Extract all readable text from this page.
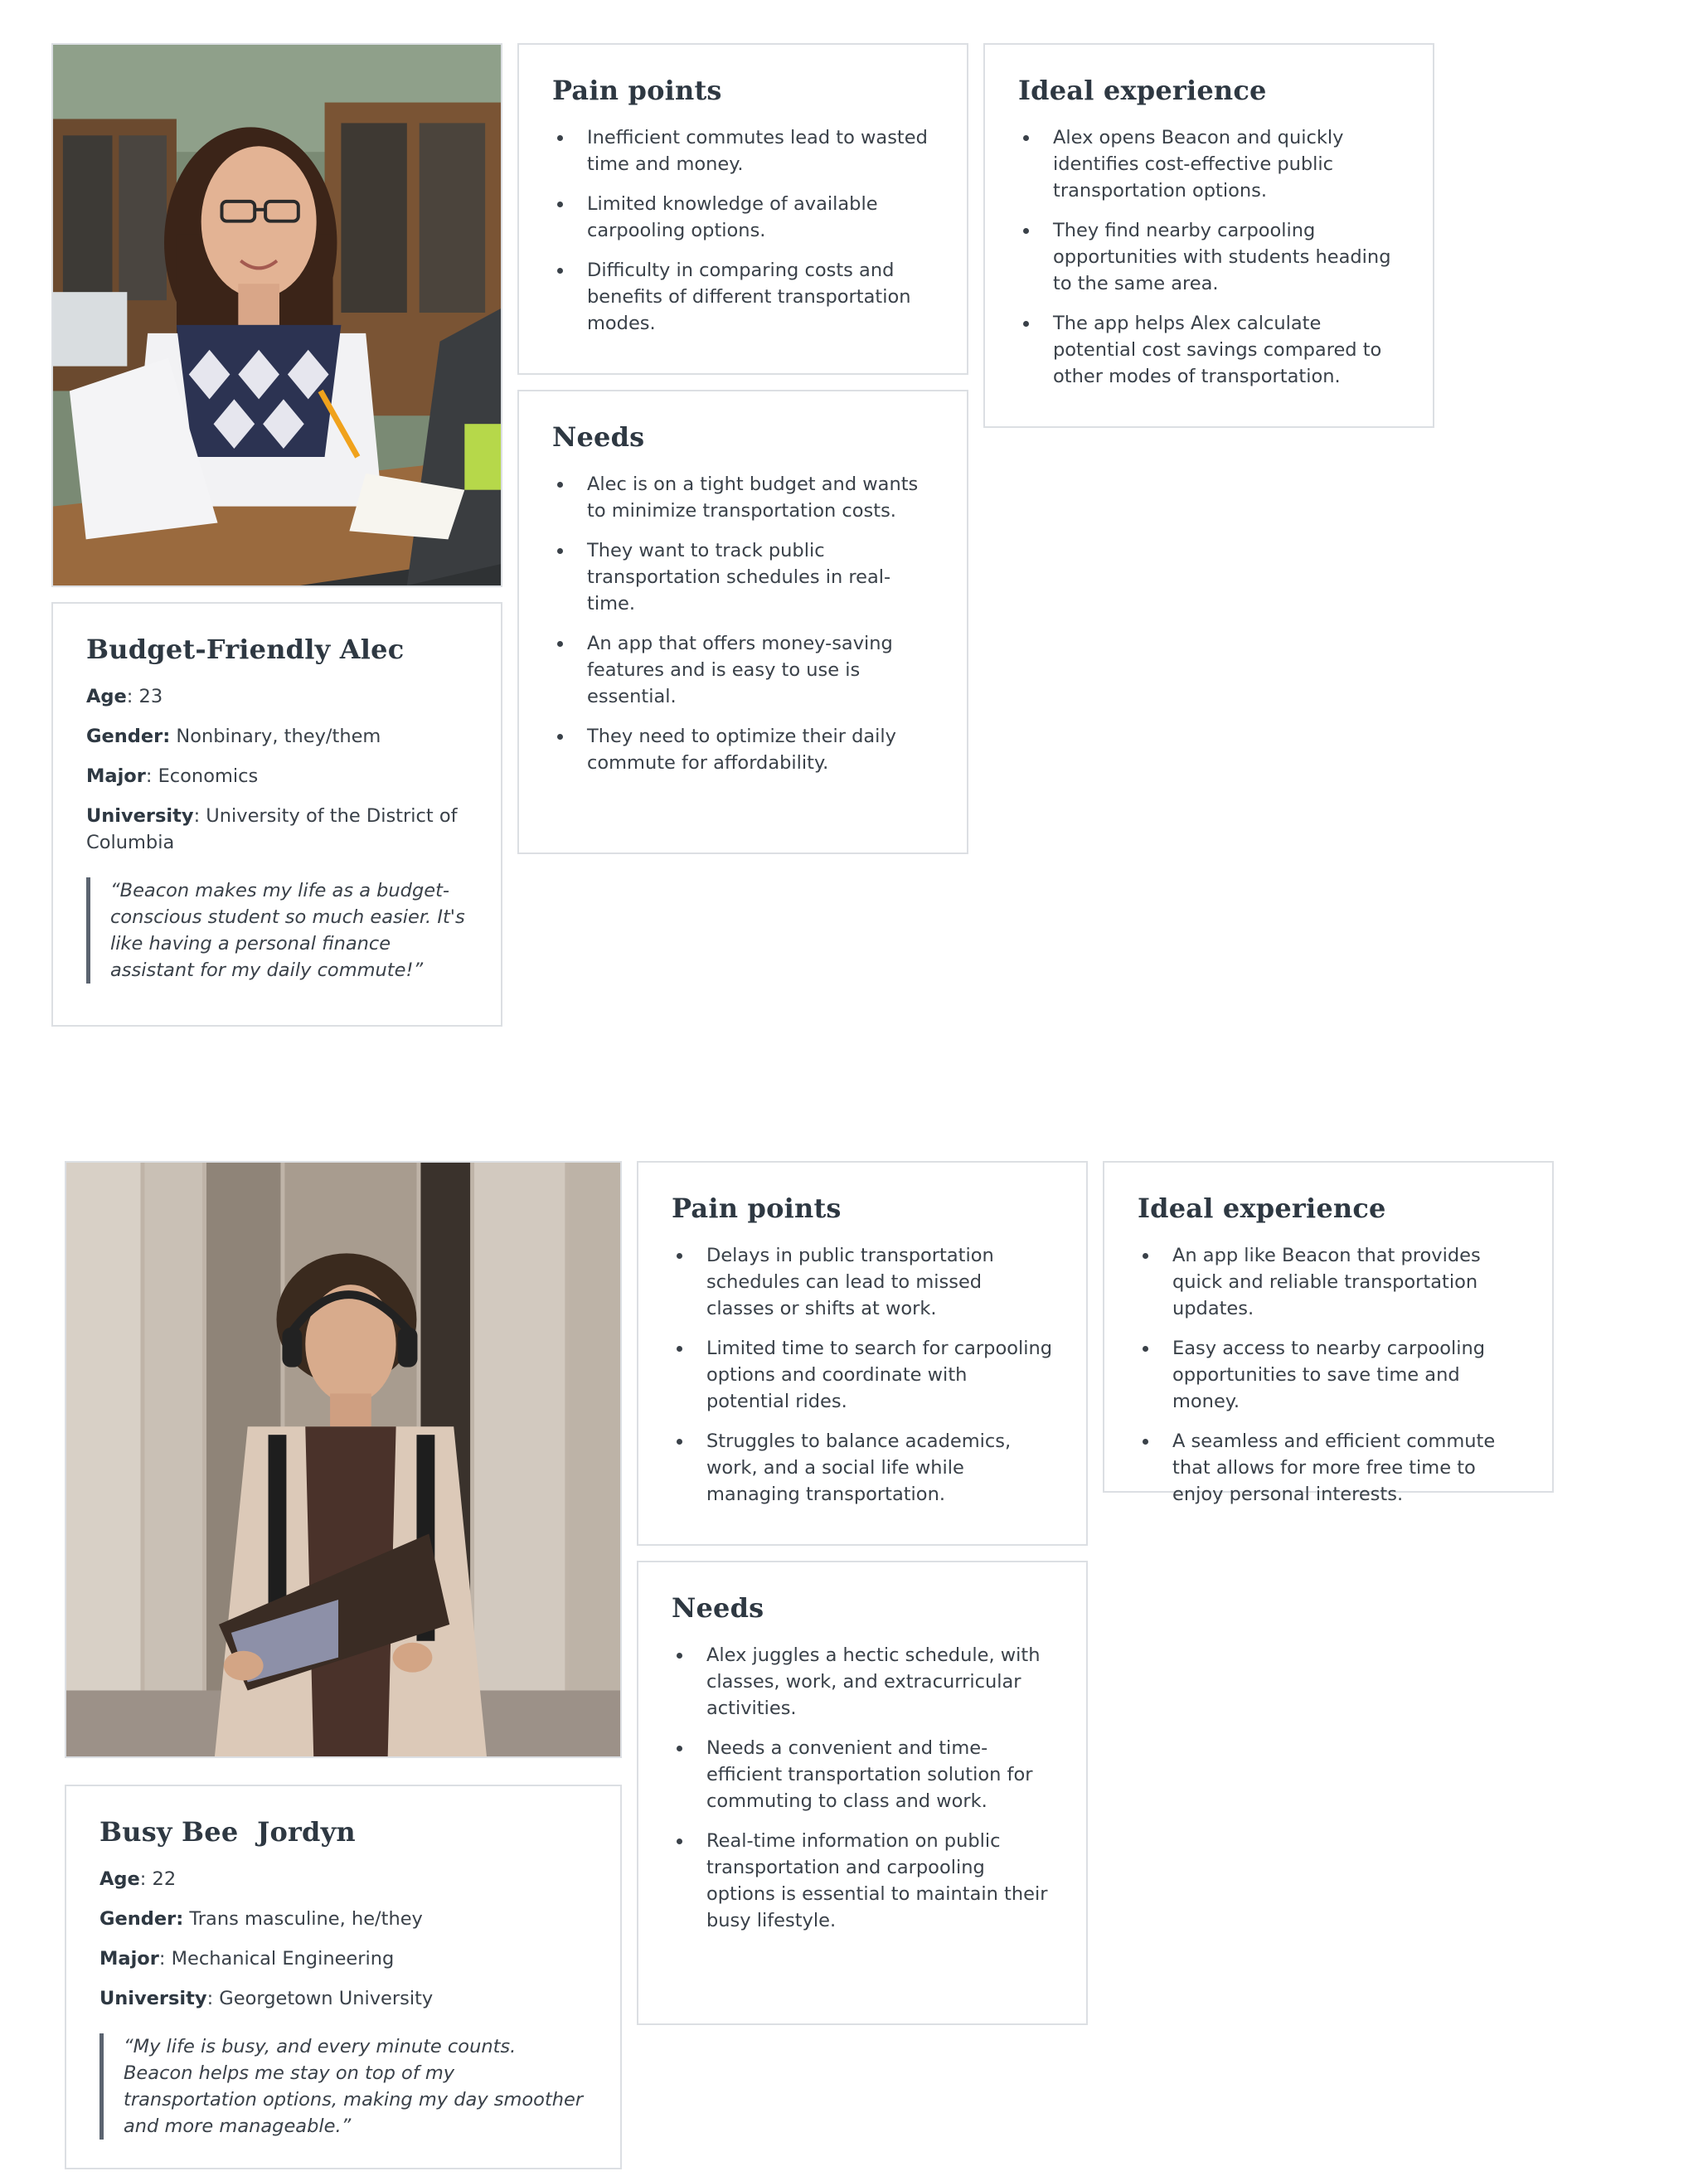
Pain points
Inefficient commutes lead to wasted time and money.
Limited knowledge of available carpooling options.
Difficulty in comparing costs and benefits of different transportation modes.
Ideal experience
Alex opens Beacon and quickly identifies cost-effective public transportation options.
They find nearby carpooling opportunities with students heading to the same area.
The app helps Alex calculate potential cost savings compared to other modes of transportation.
Needs
Alec is on a tight budget and wants to minimize transportation costs.
They want to track public transportation schedules in real-time.
An app that offers money-saving features and is easy to use is essential.
They need to optimize their daily commute for affordability.
Budget-Friendly Alec

Age: 23

Gender: Nonbinary, they/them

Major: Economics

University: University of the District of Columbia

“Beacon makes my life as a budget-conscious student so much easier. It's like having a personal finance assistant for my daily commute!”
Pain points
Delays in public transportation schedules can lead to missed classes or shifts at work.
Limited time to search for carpooling options and coordinate with potential rides.
Struggles to balance academics, work, and a social life while managing transportation.
Ideal experience
An app like Beacon that provides quick and reliable transportation updates.
Easy access to nearby carpooling opportunities to save time and money.
A seamless and efficient commute that allows for more free time to enjoy personal interests.
Needs
Alex juggles a hectic schedule, with classes, work, and extracurricular activities.
Needs a convenient and time-efficient transportation solution for commuting to class and work.
Real-time information on public transportation and carpooling options is essential to maintain their busy lifestyle.
Busy Bee  Jordyn

Age: 22

Gender: Trans masculine, he/they

Major: Mechanical Engineering

University: Georgetown University

“My life is busy, and every minute counts. Beacon helps me stay on top of my transportation options, making my day smoother and more manageable.”
